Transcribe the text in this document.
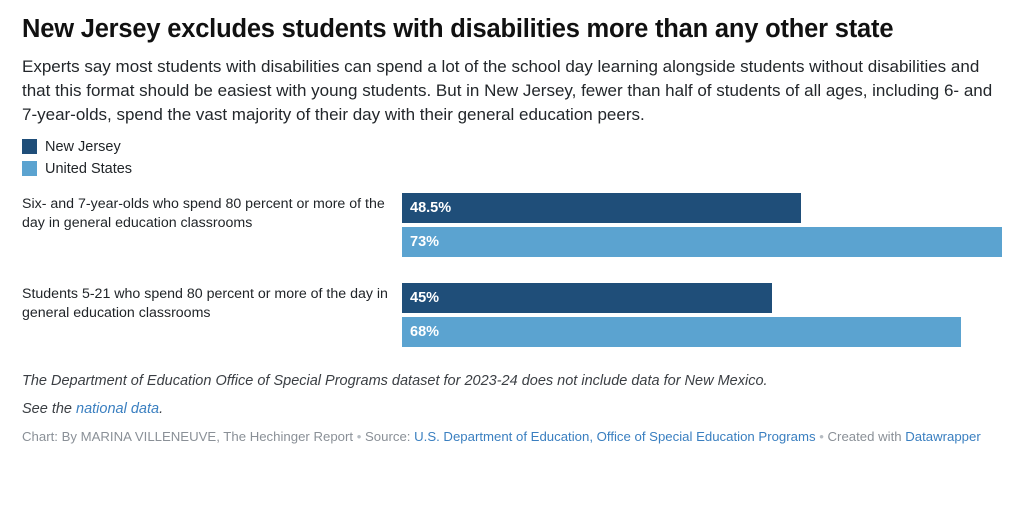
New Jersey excludes students with disabilities more than any other state

Experts say most students with disabilities can spend a lot of the school day learning alongside students without disabilities and that this format should be easiest with young students. But in New Jersey, fewer than half of students of all ages, including 6- and 7-year-olds, spend the vast majority of their day with their general education peers.

New Jersey
United States
Six- and 7-year-olds who spend 80 percent or more of the day in general education classrooms
48.5%
73%
Students 5-21 who spend 80 percent or more of the day in general education classrooms
45%
68%

The Department of Education Office of Special Programs dataset for 2023-24 does not include data for New Mexico.

See the national data.

Chart: By MARINA VILLENEUVE, The Hechinger Report • Source: U.S. Department of Education, Office of Special Education Programs • Created with Datawrapper
